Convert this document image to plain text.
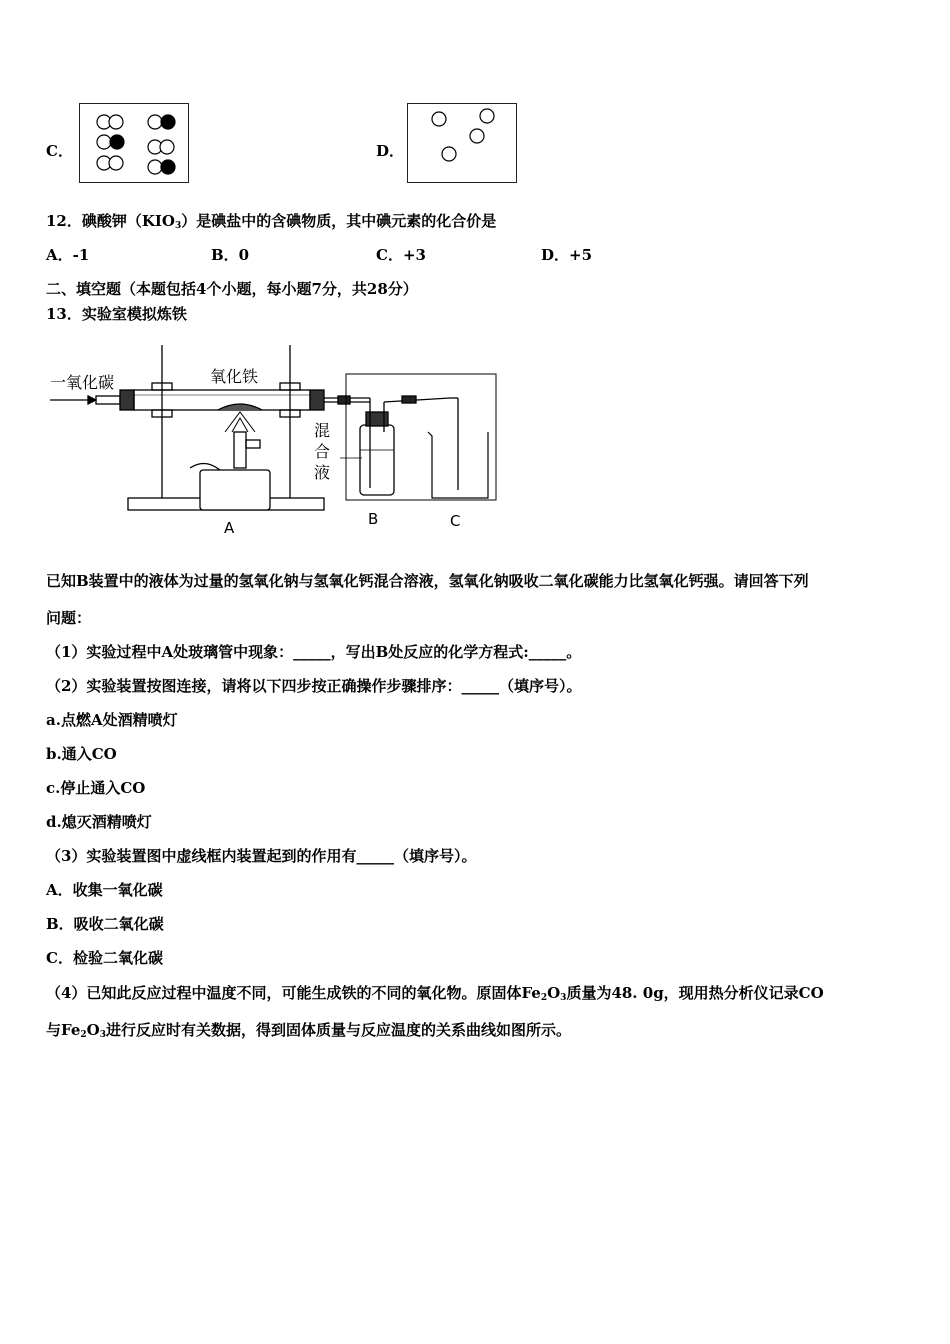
C．	D．
12．碘酸钾$(KIO_3)$是碘盐中的含碘物质，其中碘元素的化合价是
A．-1	B．0	C．+3	D．+5
二、填空题（本题包括4个小题，每小题7分，共28分）
13．实验室模拟炼铁
一氧化碳	氧化铁
A
混
合
液
B	C
已知B装置中的液体为过量的氢氧化钠与氢氧化钙混合溶液，氢氧化钠吸收二氧化碳能力比氢氧化钙强。请回答下列
问题：
（1）实验过程中A处玻璃管中现象：_____，写出B处反应的化学方程式:_____。
（2）实验装置按图连接，请将以下四步按正确操作步骤排序：_____（填序号）。
a.点燃A处酒精喷灯
b.通入CO
c.停止通入CO
d.熄灭酒精喷灯
（3）实验装置图中虚线框内装置起到的作用有_____（填序号）。
A．收集一氧化碳
B．吸收二氧化碳
C．检验二氧化碳
（4）已知此反应过程中温度不同，可能生成铁的不同的氧化物。原固体$Fe_2O_3$质量为48. 0g，现用热分析仪记录CO
与$Fe_2O_3$进行反应时有关数据，得到固体质量与反应温度的关系曲线如图所示。
